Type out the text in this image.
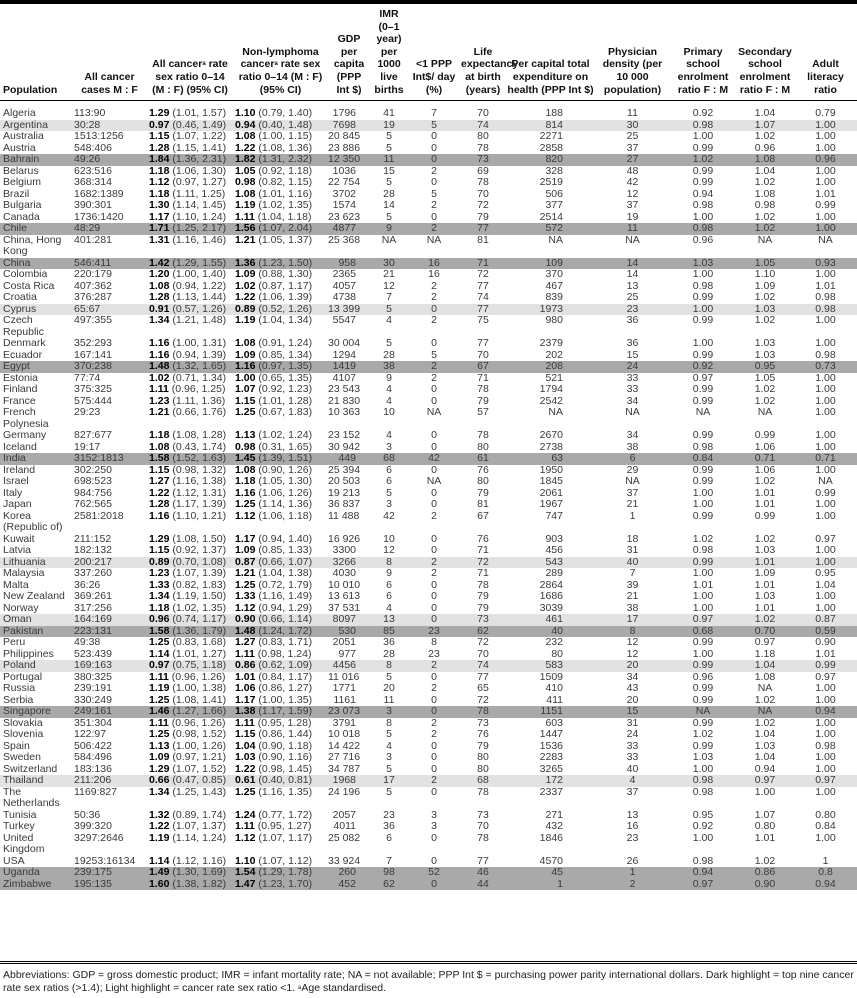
Population	All cancer cases M : F	All cancer$^a$ rate sex ratio 0–14 (M : F) (95% CI)	Non-lymphoma cancer$^a$ rate sex ratio 0–14 (M : F) (95% CI)	GDP per capita (PPP Int $)	IMR (0–1 year) per 1000 live births	<1 PPP Int$/ day (%)	Life expectancy at birth (years)	Per capital total expenditure on health (PPP Int $)	Physician density (per 10 000 population)	Primary school enrolment ratio F : M	Secondary school enrolment ratio F : M	Adult literacy ratio
Algeria	113:90	1.29 (1.01, 1.57)	1.10 (0.79, 1.40)	1796	41	7	70	188	11	0.92	1.04	0.79
Argentina	30:28	0.97 (0.46, 1.49)	0.94 (0.40, 1.48)	7698	19	5	74	814	30	0.98	1.07	1.00
Australia	1513:1256	1.15 (1.07, 1.22)	1.08 (1.00, 1.15)	20 845	5	0	80	2271	25	1.00	1.02	1.00
Austria	548:406	1.28 (1.15, 1.41)	1.22 (1.08, 1.36)	23 886	5	0	78	2858	37	0.99	0.96	1.00
Bahrain	49:26	1.84 (1.36, 2.31)	1.82 (1.31, 2.32)	12 350	11	0	73	820	27	1.02	1.08	0.96
Belarus	623:516	1.18 (1.06, 1.30)	1.05 (0.92, 1.18)	1036	15	2	69	328	48	0.99	1.04	1.00
Belgium	368:314	1.12 (0.97, 1.27)	0.98 (0.82, 1.15)	22 754	5	0	78	2519	42	0.99	1.02	1.00
Brazil	1682:1389	1.18 (1.11, 1.25)	1.08 (1.01, 1.16)	3702	28	5	70	506	12	0.94	1.08	1.01
Bulgaria	390:301	1.30 (1.14, 1.45)	1.19 (1.02, 1.35)	1574	14	2	72	377	37	0.98	0.98	0.99
Canada	1736:1420	1.17 (1.10, 1.24)	1.11 (1.04, 1.18)	23 623	5	0	79	2514	19	1.00	1.02	1.00
Chile	48:29	1.71 (1.25, 2.17)	1.56 (1.07, 2.04)	4877	9	2	77	572	11	0.98	1.02	1.00
China, Hong
Kong	401:281	1.31 (1.16, 1.46)	1.21 (1.05, 1.37)	25 368	NA	NA	81	NA	NA	0.96	NA	NA
China	546:411	1.42 (1.29, 1.55)	1.36 (1.23, 1.50)	958	30	16	71	109	14	1.03	1.05	0.93
Colombia	220:179	1.20 (1.00, 1.40)	1.09 (0.88, 1.30)	2365	21	16	72	370	14	1.00	1.10	1.00
Costa Rica	407:362	1.08 (0.94, 1.22)	1.02 (0.87, 1.17)	4057	12	2	77	467	13	0.98	1.09	1.01
Croatia	376:287	1.28 (1.13, 1.44)	1.22 (1.06, 1.39)	4738	7	2	74	839	25	0.99	1.02	0.98
Cyprus	65:67	0.91 (0.57, 1.26)	0.89 (0.52, 1.26)	13 399	5	0	77	1973	23	1.00	1.03	0.98
Czech
Republic	497:355	1.34 (1.21, 1.48)	1.19 (1.04, 1.34)	5547	4	2	75	980	36	0.99	1.02	1.00
Denmark	352:293	1.16 (1.00, 1.31)	1.08 (0.91, 1.24)	30 004	5	0	77	2379	36	1.00	1.03	1.00
Ecuador	167:141	1.16 (0.94, 1.39)	1.09 (0.85, 1.34)	1294	28	5	70	202	15	0.99	1.03	0.98
Egypt	370:238	1.48 (1.32, 1.65)	1.16 (0.97, 1.35)	1419	38	2	67	208	24	0.92	0.95	0.73
Estonia	77:74	1.02 (0.71, 1.34)	1.00 (0.65, 1.35)	4107	9	2	71	521	33	0.97	1.05	1.00
Finland	375:325	1.11 (0.96, 1.25)	1.07 (0.92, 1.23)	23 543	4	0	78	1794	33	0.99	1.02	1.00
France	575:444	1.23 (1.11, 1.36)	1.15 (1.01, 1.28)	21 830	4	0	79	2542	34	0.99	1.02	1.00
French
Polynesia	29:23	1.21 (0.66, 1.76)	1.25 (0.67, 1.83)	10 363	10	NA	57	NA	NA	NA	NA	1.00
Germany	827:677	1.18 (1.08, 1.28)	1.13 (1.02, 1.24)	23 152	4	0	78	2670	34	0.99	0.99	1.00
Iceland	19:17	1.08 (0.43, 1.74)	0.98 (0.31, 1.65)	30 942	3	0	80	2738	38	0.98	1.06	1.00
India	3152:1813	1.58 (1.52, 1.63)	1.45 (1.39, 1.51)	449	68	42	61	63	6	0.84	0.71	0.71
Ireland	302:250	1.15 (0.98, 1.32)	1.08 (0.90, 1.26)	25 394	6	0	76	1950	29	0.99	1.06	1.00
Israel	698:523	1.27 (1.16, 1.38)	1.18 (1.05, 1.30)	20 503	6	NA	80	1845	NA	0.99	1.02	NA
Italy	984:756	1.22 (1.12, 1.31)	1.16 (1.06, 1.26)	19 213	5	0	79	2061	37	1.00	1.01	0.99
Japan	762:565	1.28 (1.17, 1.39)	1.25 (1.14, 1.36)	36 837	3	0	81	1967	21	1.00	1.01	1.00
Korea
(Republic of)	2581:2018	1.16 (1.10, 1.21)	1.12 (1.06, 1.18)	11 488	42	2	67	747	1	0.99	0.99	1.00
Kuwait	211:152	1.29 (1.08, 1.50)	1.17 (0.94, 1.40)	16 926	10	0	76	903	18	1.02	1.02	0.97
Latvia	182:132	1.15 (0.92, 1.37)	1.09 (0.85, 1.33)	3300	12	0	71	456	31	0.98	1.03	1.00
Lithuania	200:217	0.89 (0.70, 1.08)	0.87 (0.66, 1.07)	3266	8	2	72	543	40	0.99	1.01	1.00
Malaysia	337:260	1.23 (1.07, 1.39)	1.21 (1.04, 1.38)	4030	9	2	71	289	7	1.00	1.09	0.95
Malta	36:26	1.33 (0.82, 1.83)	1.25 (0.72, 1.79)	10 010	6	0	78	2864	39	1.01	1.01	1.04
New Zealand	369:261	1.34 (1.19, 1.50)	1.33 (1.16, 1.49)	13 613	6	0	79	1686	21	1.00	1.03	1.00
Norway	317:256	1.18 (1.02, 1.35)	1.12 (0.94, 1.29)	37 531	4	0	79	3039	38	1.00	1.01	1.00
Oman	164:169	0.96 (0.74, 1.17)	0.90 (0.66, 1.14)	8097	13	0	73	461	17	0.97	1.02	0.87
Pakistan	223:131	1.58 (1.36, 1.79)	1.48 (1.24, 1.72)	530	85	23	62	40	8	0.68	0.70	0.59
Peru	49:38	1.25 (0.83, 1.68)	1.27 (0.83, 1.71)	2051	36	8	72	232	12	0.99	0.97	0.90
Philippines	523:439	1.14 (1.01, 1.27)	1.11 (0.98, 1.24)	977	28	23	70	80	12	1.00	1.18	1.01
Poland	169:163	0.97 (0.75, 1.18)	0.86 (0.62, 1.09)	4456	8	2	74	583	20	0.99	1.04	0.99
Portugal	380:325	1.11 (0.96, 1.26)	1.01 (0.84, 1.17)	11 016	5	0	77	1509	34	0.96	1.08	0.97
Russia	239:191	1.19 (1.00, 1.38)	1.06 (0.86, 1.27)	1771	20	2	65	410	43	0.99	NA	1.00
Serbia	330:249	1.25 (1.08, 1.41)	1.17 (1.00, 1.35)	1161	11	0	72	411	20	0.99	1.02	1.00
Singapore	249:161	1.46 (1.27, 1.66)	1.38 (1.17, 1.59)	23 073	3	0	78	1151	15	NA	NA	0.94
Slovakia	351:304	1.11 (0.96, 1.26)	1.11 (0.95, 1.28)	3791	8	2	73	603	31	0.99	1.02	1.00
Slovenia	122:97	1.25 (0.98, 1.52)	1.15 (0.86, 1.44)	10 018	5	2	76	1447	24	1.02	1.04	1.00
Spain	506:422	1.13 (1.00, 1.26)	1.04 (0.90, 1.18)	14 422	4	0	79	1536	33	0.99	1.03	0.98
Sweden	584:496	1.09 (0.97, 1.21)	1.03 (0.90, 1.16)	27 716	3	0	80	2283	33	1.03	1.04	1.00
Switzerland	183:136	1.29 (1.07, 1.52)	1.22 (0.98, 1.45)	34 787	5	0	80	3265	40	1.00	0.94	1.00
Thailand	211:206	0.66 (0.47, 0.85)	0.61 (0.40, 0.81)	1968	17	2	68	172	4	0.98	0.97	0.97
The
Netherlands	1169:827	1.34 (1.25, 1.43)	1.25 (1.16, 1.35)	24 196	5	0	78	2337	37	0.98	1.00	1.00
Tunisia	50:36	1.32 (0.89, 1.74)	1.24 (0.77, 1.72)	2057	23	3	73	271	13	0.95	1.07	0.80
Turkey	399:320	1.22 (1.07, 1.37)	1.11 (0.95, 1.27)	4011	36	3	70	432	16	0.92	0.80	0.84
United
Kingdom	3297:2646	1.19 (1.14, 1.24)	1.12 (1.07, 1.17)	25 082	6	0	78	1846	23	1.00	1.01	1.00
USA	19253:16134	1.14 (1.12, 1.16)	1.10 (1.07, 1.12)	33 924	7	0	77	4570	26	0.98	1.02	1
Uganda	239:175	1.49 (1.30, 1.69)	1.54 (1.29, 1.78)	260	98	52	46	45	1	0.94	0.86	0.8
Zimbabwe	195:135	1.60 (1.38, 1.82)	1.47 (1.23, 1.70)	452	62	0	44	1	2	0.97	0.90	0.94
Abbreviations: GDP = gross domestic product; IMR = infant mortality rate; NA = not available; PPP Int $ = purchasing power parity international dollars. Dark highlight = top nine cancer rate sex ratios (>1.4); Light highlight = cancer rate sex ratio <1. $^a$Age standardised.
